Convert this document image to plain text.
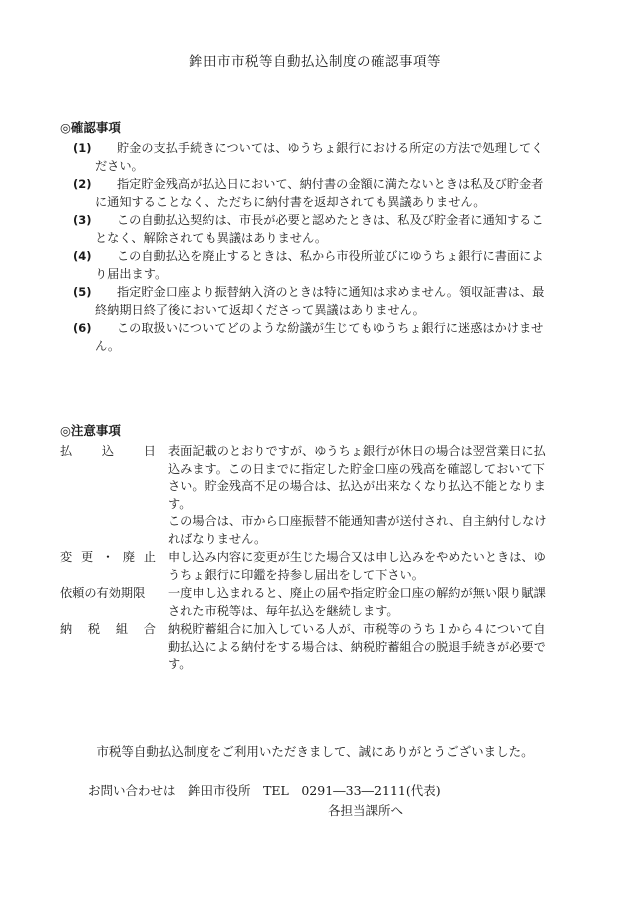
鉾田市市税等自動払込制度の確認事項等
◎確認事項
(1)	貯金の支払手続きについては、ゆうちょ銀行における所定の方法で処理してください。
(2)	指定貯金残高が払込日において、納付書の金額に満たないときは私及び貯金者に通知することなく、ただちに納付書を返却されても異議ありません。
(3)	この自動払込契約は、市長が必要と認めたときは、私及び貯金者に通知することなく、解除されても異議はありません。
(4)	この自動払込を廃止するときは、私から市役所並びにゆうちょ銀行に書面により届出ます。
(5)	指定貯金口座より振替納入済のときは特に通知は求めません。領収証書は、最終納期日終了後において返却くださって異議はありません。
(6)	この取扱いについてどのような紛議が生じてもゆうちょ銀行に迷惑はかけません。
◎注意事項
払込日 表面記載のとおりですが、ゆうちょ銀行が休日の場合は翌営業日に払込みます。この日までに指定した貯金口座の残高を確認しておいて下さい。貯金残高不足の場合は、払込が出来なくなり払込不能となります。

この場合は、市から口座振替不能通知書が送付され、自主納付しなければなりません。

変更・廃止 申し込み内容に変更が生じた場合又は申し込みをやめたいときは、ゆうちょ銀行に印鑑を持参し届出をして下さい。

依頼の有効期限	一度申し込まれると、廃止の届や指定貯金口座の解約が無い限り賦課された市税等は、毎年払込を継続します。

納税組合 納税貯蓄組合に加入している人が、市税等のうち１から４について自動払込による納付をする場合は、納税貯蓄組合の脱退手続きが必要です。

市税等自動払込制度をご利用いただきまして、誠にありがとうございました。
お問い合わせは　 鉾田市役所　 TEL　 0291―33―2111(代表)
各担当課所へ
